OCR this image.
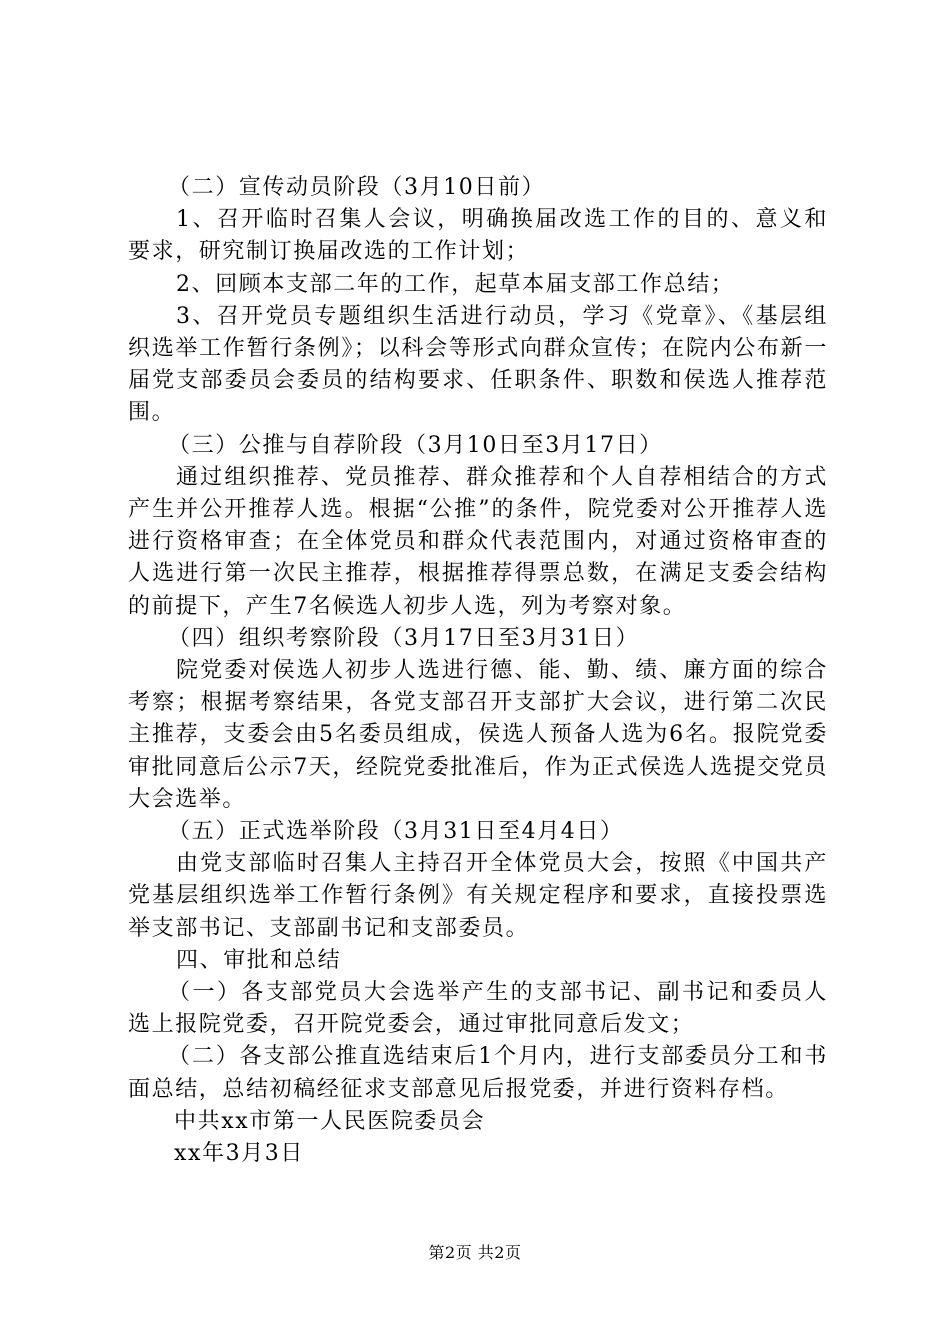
（二）宣传动员阶段（3月10日前）

1、召开临时召集人会议，明确换届改选工作的目的、意义和要求，研究制订换届改选的工作计划；

2、回顾本支部二年的工作，起草本届支部工作总结；

3、召开党员专题组织生活进行动员，学习《党章》、《基层组织选举工作暂行条例》；以科会等形式向群众宣传；在院内公布新一届党支部委员会委员的结构要求、任职条件、职数和侯选人推荐范围。

（三）公推与自荐阶段（3月10日至3月17日）

通过组织推荐、党员推荐、群众推荐和个人自荐相结合的方式产生并公开推荐人选。根据“公推”的条件，院党委对公开推荐人选进行资格审查；在全体党员和群众代表范围内，对通过资格审查的人选进行第一次民主推荐，根据推荐得票总数，在满足支委会结构的前提下，产生7名候选人初步人选，列为考察对象。

（四）组织考察阶段（3月17日至3月31日）

院党委对侯选人初步人选进行德、能、勤、绩、廉方面的综合考察；根据考察结果，各党支部召开支部扩大会议，进行第二次民主推荐，支委会由5名委员组成，侯选人预备人选为6名。报院党委审批同意后公示7天，经院党委批准后，作为正式侯选人选提交党员大会选举。

（五）正式选举阶段（3月31日至4月4日）

由党支部临时召集人主持召开全体党员大会，按照《中国共产党基层组织选举工作暂行条例》有关规定程序和要求，直接投票选举支部书记、支部副书记和支部委员。

四、审批和总结

（一）各支部党员大会选举产生的支部书记、副书记和委员人选上报院党委，召开院党委会，通过审批同意后发文；

（二）各支部公推直选结束后1个月内，进行支部委员分工和书面总结，总结初稿经征求支部意见后报党委，并进行资料存档。

中共xx市第一人民医院委员会

xx年3月3日

第2页 共2页
